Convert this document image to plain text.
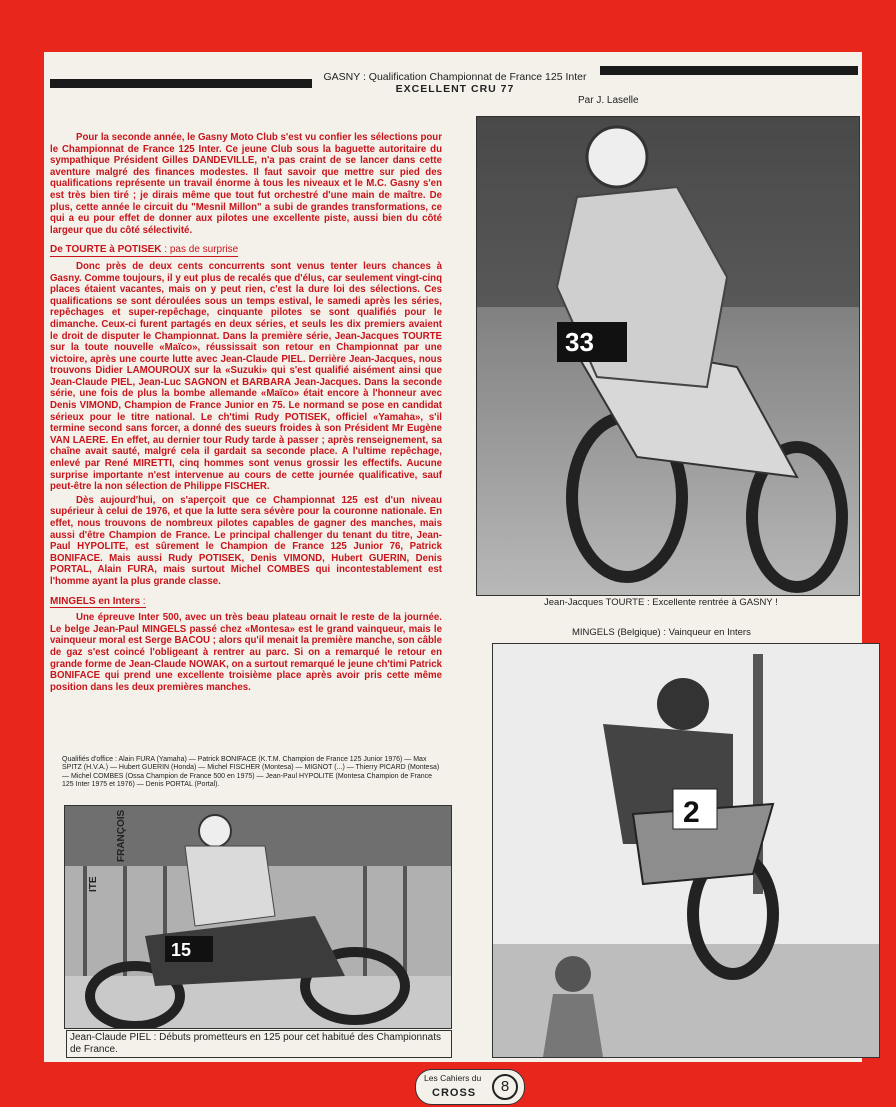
GASNY : Qualification Championnat de France 125 Inter
EXCELLENT CRU 77
Par J. Laselle

Pour la seconde année, le Gasny Moto Club s'est vu confier les sélections pour le Championnat de France 125 Inter. Ce jeune Club sous la baguette autoritaire du sympathique Président Gilles DANDEVILLE, n'a pas craint de se lancer dans cette aventure malgré des finances modestes. Il faut savoir que mettre sur pied des qualifications représente un travail énorme à tous les niveaux et le M.C. Gasny s'en est très bien tiré ; je dirais même que tout fut orchestré d'une main de maître. De plus, cette année le circuit du "Mesnil Millon" a subi de grandes transformations, ce qui a eu pour effet de donner aux pilotes une excellente piste, aussi bien du côté largeur que du côté sélectivité.

De TOURTE à POTISEK : pas de surprise

Donc près de deux cents concurrents sont venus tenter leurs chances à Gasny. Comme toujours, il y eut plus de recalés que d'élus, car seulement vingt-cinq places étaient vacantes, mais on y peut rien, c'est la dure loi des sélections. Ces qualifications se sont déroulées sous un temps estival, le samedi après les séries, repêchages et super-repêchage, cinquante pilotes se sont qualifiés pour le dimanche. Ceux-ci furent partagés en deux séries, et seuls les dix premiers avaient le droit de disputer le Championnat. Dans la première série, Jean-Jacques TOURTE sur la toute nouvelle «Maïco», réussissait son retour en Championnat par une victoire, après une courte lutte avec Jean-Claude PIEL. Derrière Jean-Jacques, nous trouvons Didier LAMOUROUX sur la «Suzuki» qui s'est qualifié aisément ainsi que Jean-Claude PIEL, Jean-Luc SAGNON et BARBARA Jean-Jacques. Dans la seconde série, une fois de plus la bombe allemande «Maïco» était encore à l'honneur avec Denis VIMOND, Champion de France Junior en 75. Le normand se pose en candidat sérieux pour le titre national. Le ch'timi Rudy POTISEK, officiel «Yamaha», s'il termine second sans forcer, a donné des sueurs froides à son Président Mr Eugène VAN LAERE. En effet, au dernier tour Rudy tarde à passer ; après renseignement, sa chaîne avait sauté, malgré cela il gardait sa seconde place. A l'ultime repêchage, enlevé par René MIRETTI, cinq hommes sont venus grossir les effectifs. Aucune surprise importante n'est intervenue au cours de cette journée qualificative, sauf peut-être la non sélection de Philippe FISCHER.

Dès aujourd'hui, on s'aperçoit que ce Championnat 125 est d'un niveau supérieur à celui de 1976, et que la lutte sera sévère pour la couronne nationale. En effet, nous trouvons de nombreux pilotes capables de gagner des manches, mais aussi d'être Champion de France. Le principal challenger du tenant du titre, Jean-Paul HYPOLITE, est sûrement le Champion de France 125 Junior 76, Patrick BONIFACE. Mais aussi Rudy POTISEK, Denis VIMOND, Hubert GUERIN, Denis PORTAL, Alain FURA, mais surtout Michel COMBES qui incontestablement est l'homme ayant la plus grande classe.

MINGELS en Inters :

Une épreuve Inter 500, avec un très beau plateau ornait le reste de la journée. Le belge Jean-Paul MINGELS passé chez «Montesa» est le grand vainqueur, mais le vainqueur moral est Serge BACOU ; alors qu'il menait la première manche, son câble de gaz s'est coincé l'obligeant à rentrer au parc. Si on a remarqué le retour en grande forme de Jean-Claude NOWAK, on a surtout remarqué le jeune ch'timi Patrick BONIFACE qui prend une excellente troisième place après avoir pris cette même position dans les deux premières manches.

Qualifiés d'office : Alain FURA (Yamaha) — Patrick BONIFACE (K.T.M. Champion de France 125 Junior 1976) — Max SPITZ (H.V.A.) — Hubert GUERIN (Honda) — Michel FISCHER (Montesa) — MIGNOT (...) — Thierry PICARD (Montesa) — Michel COMBES (Ossa Champion de France 500 en 1975) — Jean-Paul HYPOLITE (Montesa Champion de France 125 Inter 1975 et 1976) — Denis PORTAL (Portal).
33
Jean-Jacques TOURTE : Excellente rentrée à GASNY !
MINGELS (Belgique) : Vainqueur en Inters
2
15
Jean-Claude PIEL : Débuts prometteurs en 125 pour cet habitué des Championnats de France.
FRANÇOIS
ITE
Les Cahiers du
CROSS	8
